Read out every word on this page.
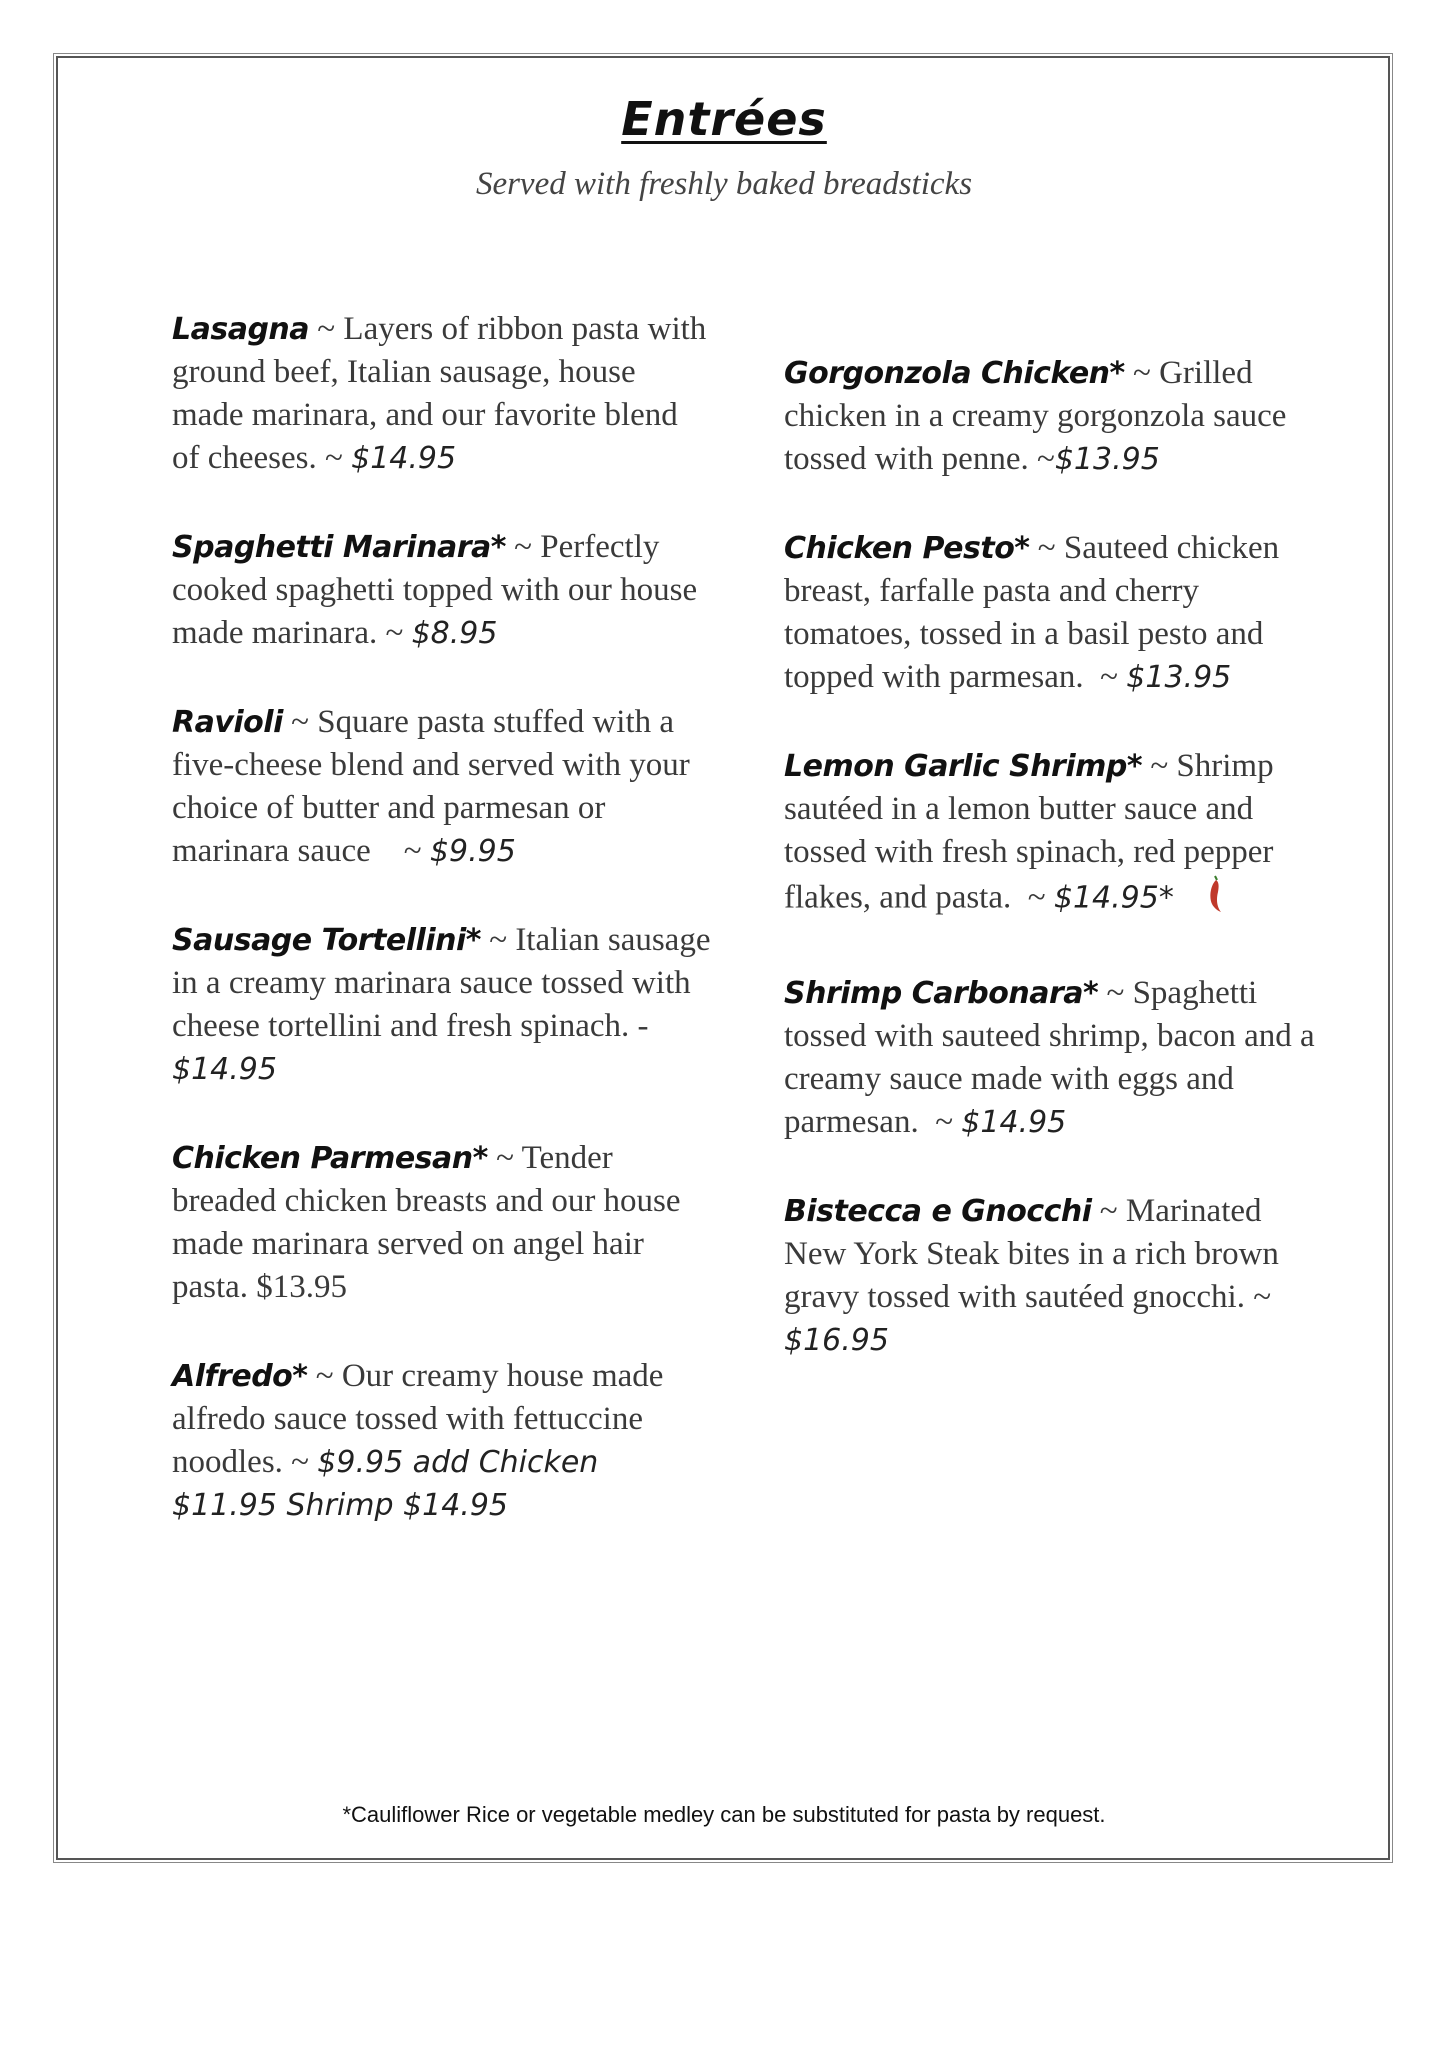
Entrées
Served with freshly baked breadsticks
Lasagna ~ Layers of ribbon pasta with ground beef, Italian sausage, house made marinara, and our favorite blend of cheeses. ~ $14.95
Spaghetti Marinara* ~ Perfectly cooked spaghetti topped with our house made marinara. ~ $8.95
Ravioli ~ Square pasta stuffed with a five-cheese blend and served with your choice of butter and parmesan or marinara sauce    ~ $9.95
Sausage Tortellini* ~ Italian sausage in a creamy marinara sauce tossed with cheese tortellini and fresh spinach. - $14.95
Chicken Parmesan* ~ Tender breaded chicken breasts and our house made marinara served on angel hair pasta. $13.95
Alfredo* ~ Our creamy house made alfredo sauce tossed with fettuccine noodles. ~ $9.95 add Chicken $11.95 Shrimp $14.95
Gorgonzola Chicken* ~ Grilled chicken in a creamy gorgonzola sauce tossed with penne. ~$13.95
Chicken Pesto* ~ Sauteed chicken breast, farfalle pasta and cherry tomatoes, tossed in a basil pesto and topped with parmesan.  ~ $13.95
Lemon Garlic Shrimp* ~ Shrimp sautéed in a lemon butter sauce and tossed with fresh spinach, red pepper flakes, and pasta.  ~ $14.95*
Shrimp Carbonara* ~ Spaghetti tossed with sauteed shrimp, bacon and a creamy sauce made with eggs and parmesan.  ~ $14.95
Bistecca e Gnocchi ~ Marinated New York Steak bites in a rich brown gravy tossed with sautéed gnocchi. ~ $16.95
*Cauliflower Rice or vegetable medley can be substituted for pasta by request.
